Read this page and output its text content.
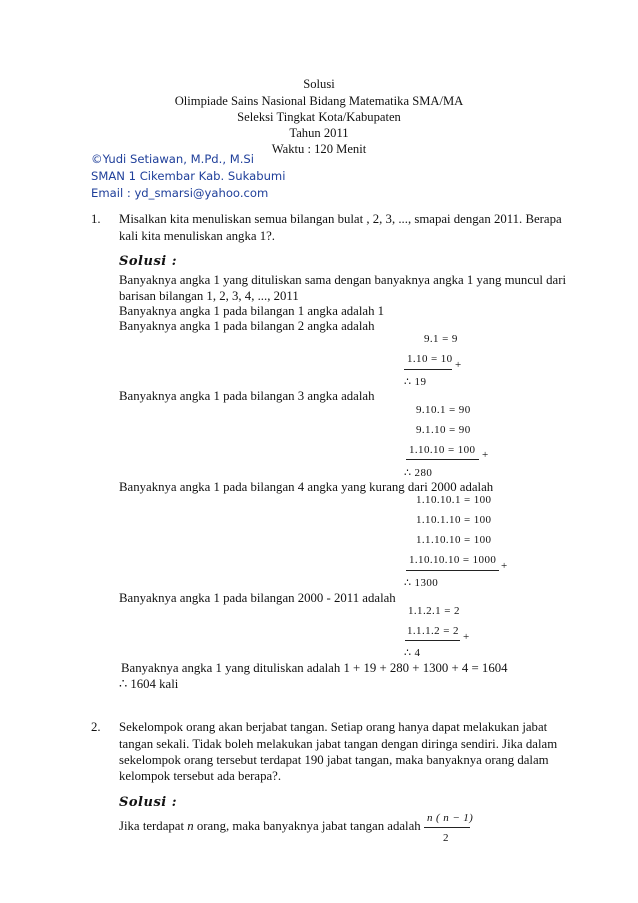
Solusi
Olimpiade Sains Nasional Bidang Matematika SMA/MA
Seleksi Tingkat Kota/Kabupaten
Tahun 2011
Waktu : 120 Menit
©Yudi Setiawan, M.Pd., M.Si
SMAN 1 Cikembar Kab. Sukabumi
Email : yd_smarsi@yahoo.com
1. Misalkan kita menuliskan semua bilangan bulat , 2, 3, ..., smapai dengan 2011. Berapa
kali kita menuliskan angka 1?.
Solusi :
Banyaknya angka 1 yang dituliskan sama dengan banyaknya angka 1 yang muncul dari
barisan bilangan 1, 2, 3, 4, ..., 2011
Banyaknya angka 1 pada bilangan 1 angka adalah 1
Banyaknya angka 1 pada bilangan 2 angka adalah
9.1 = 9
1.10 = 10 +
∴ 19
Banyaknya angka 1 pada bilangan 3 angka adalah
9.10.1 = 90
9.1.10 = 90
1.10.10 = 100 +
∴ 280
Banyaknya angka 1 pada bilangan 4 angka yang kurang dari 2000 adalah
1.10.10.1 = 100
1.10.1.10 = 100
1.1.10.10 = 100
1.10.10.10 = 1000 +
∴ 1300
Banyaknya angka 1 pada bilangan 2000 - 2011 adalah
1.1.2.1 = 2
1.1.1.2 = 2 +
∴ 4
Banyaknya angka 1 yang dituliskan adalah 1 + 19 + 280 + 1300 + 4 = 1604
∴ 1604 kali
2. Sekelompok orang akan berjabat tangan. Setiap orang hanya dapat melakukan jabat
tangan sekali. Tidak boleh melakukan jabat tangan dengan diringa sendiri. Jika dalam
sekelompok orang tersebut terdapat 190 jabat tangan, maka banyaknya orang dalam
kelompok tersebut ada berapa?.
Solusi :
Jika terdapat n orang, maka banyaknya jabat tangan adalah
n ( n − 1)
2
